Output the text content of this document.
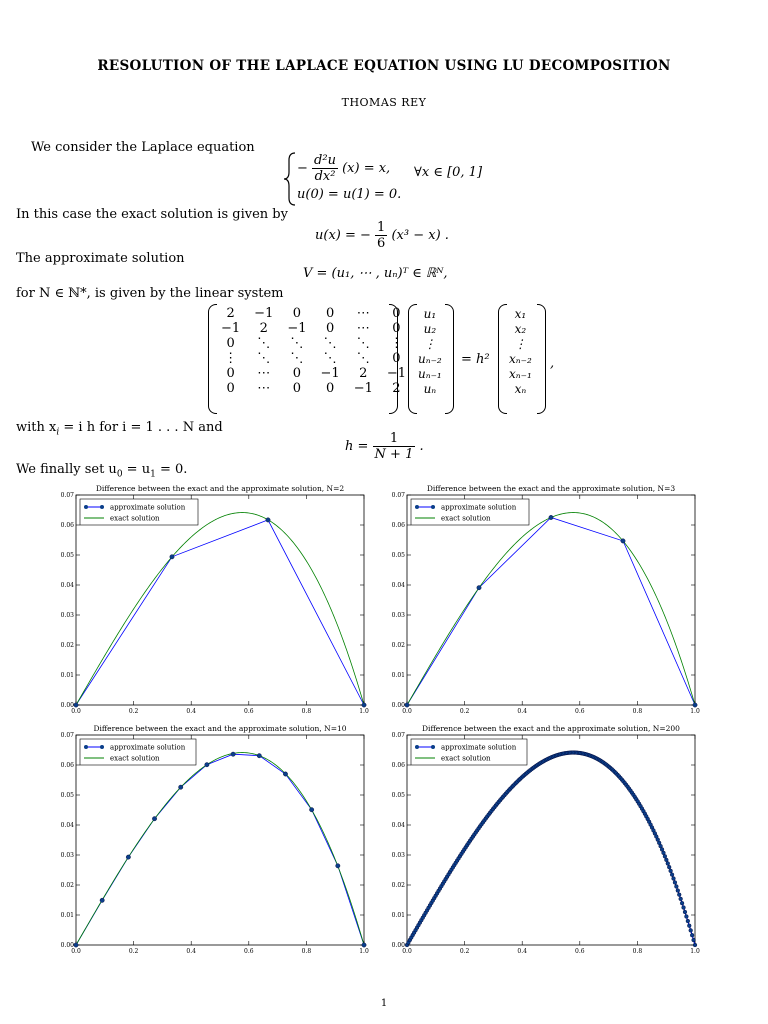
RESOLUTION OF THE LAPLACE EQUATION USING LU DECOMPOSITION
THOMAS REY
We consider the Laplace equation
− $\frac{\text{d²u}}{\text{dx²}} (x) = x$, ∀x ∈ [0, 1]
u(0) = u(1) = 0.
In this case the exact solution is given by
u(x) = − $\frac{1}{6} (x^3 - x)$ .
The approximate solution
V = (u₁, ⋯ , uₙ)ᵀ ∈ ℝᴺ,
for N ∈ ℕ*, is given by the linear system
2	−1	0	0	⋯	0
−1	2	−1	0	⋯	0
0	⋱	⋱	⋱	⋱	⋮
⋮	⋱	⋱	⋱	⋱	0
0	⋯	0	−1	2	−1
0	⋯	0	0	−1	2
u₁
u₂
⋮
uₙ₋₂
uₙ₋₁
uₙ
= h²
x₁
x₂
⋮
xₙ₋₂
xₙ₋₁
xₙ
,
with $x_i = i$ h for i = 1 . . . N and
$h = \frac{1}{N + 1}$ .
We finally set $u_0 = u_1 = 0$.
Difference between the exact and the approximate solution, N=2
0.00
0.01
0.02
0.03
0.04
0.05
0.06
0.07
0.0	0.2	0.4	0.6	0.8	1.0
approximate solution
exact solution
Difference between the exact and the approximate solution, N=3
0.00
0.01
0.02
0.03
0.04
0.05
0.06
0.07
0.0	0.2	0.4	0.6	0.8	1.0
approximate solution
exact solution
Difference between the exact and the approximate solution, N=10
0.00
0.01
0.02
0.03
0.04
0.05
0.06
0.07
0.0	0.2	0.4	0.6	0.8	1.0
approximate solution
exact solution
Difference between the exact and the approximate solution, N=200
0.00
0.01
0.02
0.03
0.04
0.05
0.06
0.07
0.0	0.2	0.4	0.6	0.8	1.0
approximate solution
exact solution
1
